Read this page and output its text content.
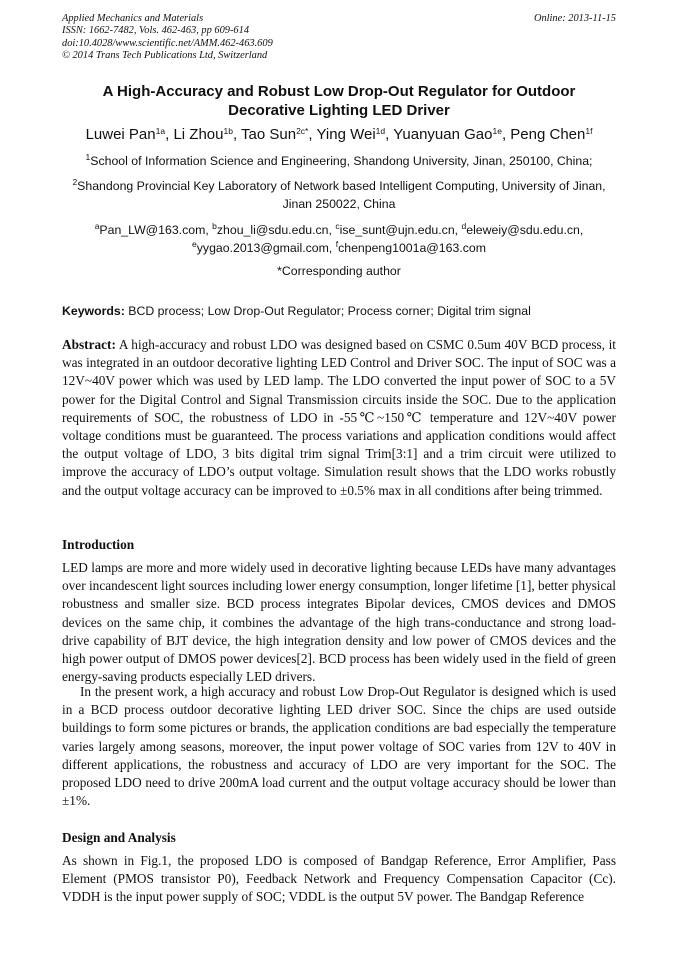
Applied Mechanics and Materials
ISSN: 1662-7482, Vols. 462-463, pp 609-614
doi:10.4028/www.scientific.net/AMM.462-463.609
© 2014 Trans Tech Publications Ltd, Switzerland
Online: 2013-11-15
A High-Accuracy and Robust Low Drop-Out Regulator for Outdoor
Decorative Lighting LED Driver
Luwei Pan$^{1a}$, Li Zhou$^{1b}$, Tao Sun$^{2c*}$, Ying Wei$^{1d}$, Yuanyuan Gao$^{1e}$, Peng Chen$^{1f}$
$^1$School of Information Science and Engineering, Shandong University, Jinan, 250100, China;
$^2$Shandong Provincial Key Laboratory of Network based Intelligent Computing, University of Jinan, Jinan 250022, China
$^a$Pan_LW@163.com, $^b$zhou_li@sdu.edu.cn, $^c$ise_sunt@ujn.edu.cn, $^d$eleweiy@sdu.edu.cn,
$^e$yygao.2013@gmail.com, $^f$chenpeng1001a@163.com
*Corresponding author
Keywords: BCD process; Low Drop-Out Regulator; Process corner; Digital trim signal
Abstract: A high-accuracy and robust LDO was designed based on CSMC 0.5um 40V BCD process, it was integrated in an outdoor decorative lighting LED Control and Driver SOC. The input of SOC was a 12V~40V power which was used by LED lamp. The LDO converted the input power of SOC to a 5V power for the Digital Control and Signal Transmission circuits inside the SOC. Due to the application requirements of SOC, the robustness of LDO in -55℃~150℃ temperature and 12V~40V power voltage conditions must be guaranteed. The process variations and application conditions would affect the output voltage of LDO, 3 bits digital trim signal Trim[3:1] and a trim circuit were utilized to improve the accuracy of LDO’s output voltage. Simulation result shows that the LDO works robustly and the output voltage accuracy can be improved to ±0.5% max in all conditions after being trimmed.
Introduction
LED lamps are more and more widely used in decorative lighting because LEDs have many advantages over incandescent light sources including lower energy consumption, longer lifetime [1], better physical robustness and smaller size. BCD process integrates Bipolar devices, CMOS devices and DMOS devices on the same chip, it combines the advantage of the high trans-conductance and strong load-drive capability of BJT device, the high integration density and low power of CMOS devices and the high power output of DMOS power devices[2]. BCD process has been widely used in the field of green energy-saving products especially LED drivers.
In the present work, a high accuracy and robust Low Drop-Out Regulator is designed which is used in a BCD process outdoor decorative lighting LED driver SOC. Since the chips are used outside buildings to form some pictures or brands, the application conditions are bad especially the temperature varies largely among seasons, moreover, the input power voltage of SOC varies from 12V to 40V in different applications, the robustness and accuracy of LDO are very important for the SOC. The proposed LDO need to drive 200mA load current and the output voltage accuracy should be lower than ±1%.
Design and Analysis
As shown in Fig.1, the proposed LDO is composed of Bandgap Reference, Error Amplifier, Pass Element (PMOS transistor P0), Feedback Network and Frequency Compensation Capacitor (Cc). VDDH is the input power supply of SOC; VDDL is the output 5V power. The Bandgap Reference
